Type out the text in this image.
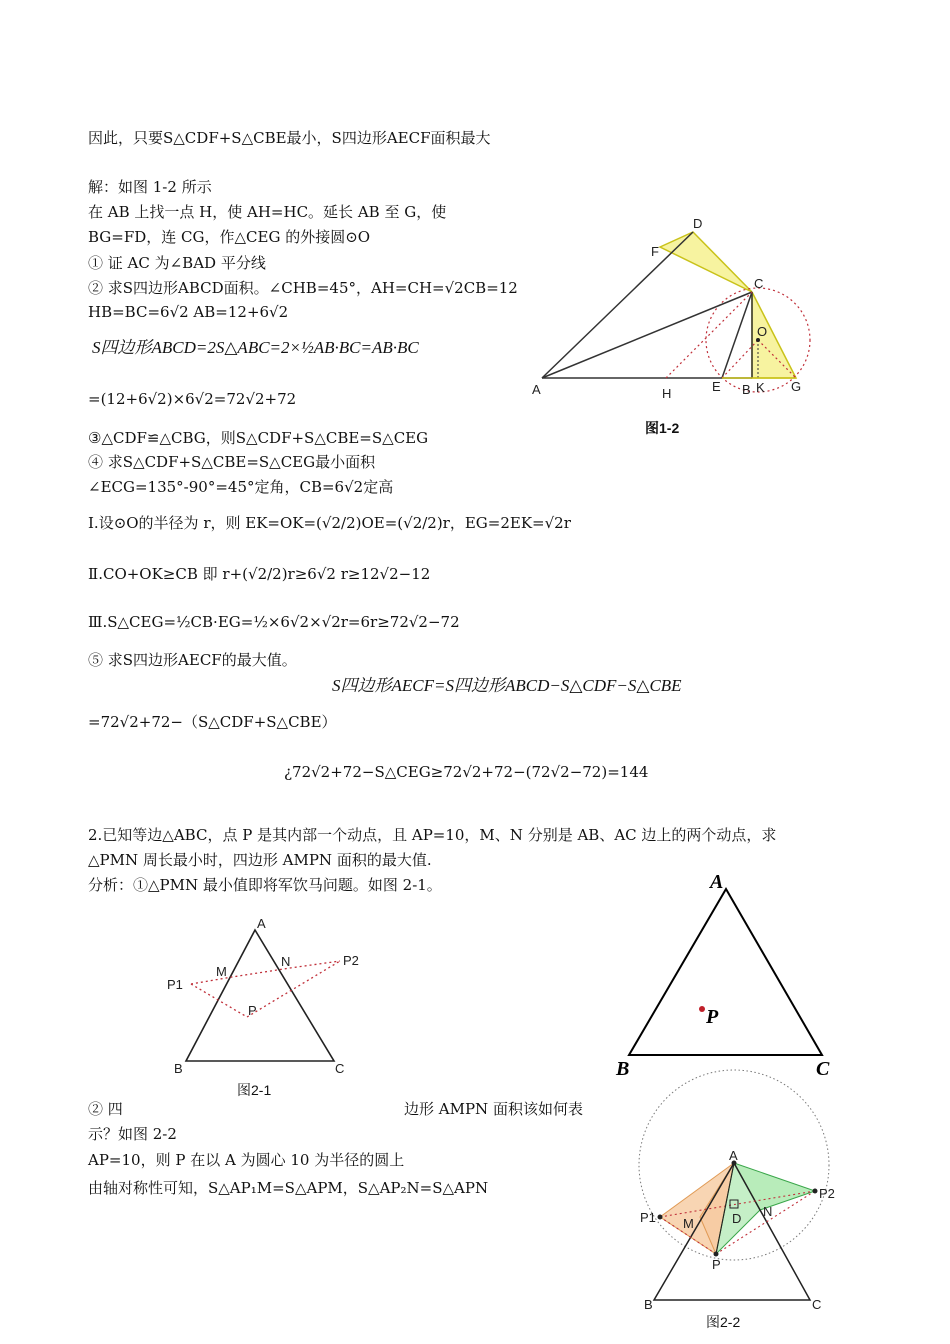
因此，只要S△CDF+S△CBE最小，S四边形AECF面积最大
解：如图 1-2 所示
在 AB 上找一点 H，使 AH=HC。延长 AB 至 G，使
BG=FD，连 CG，作△CEG 的外接圆⊙O
① 证 AC 为∠BAD 平分线
② 求S四边形ABCD面积。∠CHB=45°，AH=CH=√2CB=12
HB=BC=6√2 AB=12+6√2
S四边形ABCD=2S△ABC=2×½AB·BC=AB·BC
=(12+6√2)×6√2=72√2+72
③△CDF≌△CBG，则S△CDF+S△CBE=S△CEG
④ 求S△CDF+S△CBE=S△CEG最小面积
∠ECG=135°-90°=45°定角，CB=6√2定高
Ⅰ.设⊙O的半径为 r，则 EK=OK=(√2/2)OE=(√2/2)r，EG=2EK=√2r
Ⅱ.CO+OK≥CB 即 r+(√2/2)r≥6√2 r≥12√2−12
Ⅲ.S△CEG=½CB·EG=½×6√2×√2r=6r≥72√2−72
⑤ 求S四边形AECF的最大值。
S四边形AECF=S四边形ABCD−S△CDF−S△CBE
=72√2+72−（S△CDF+S△CBE）
¿72√2+72−S△CEG≥72√2+72−(72√2−72)=144
2.已知等边△ABC，点 P 是其内部一个动点，且 AP=10，M、N 分别是 AB、AC 边上的两个动点，求
△PMN 周长最小时，四边形 AMPN 面积的最大值.
分析：①△PMN 最小值即将军饮马问题。如图 2-1。
② 四	边形 AMPN 面积该如何表
示？如图 2-2
AP=10，则 P 在以 A 为圆心 10 为半径的圆上
由轴对称性可知，S△AP₁M=S△APM，S△AP₂N=S△APN
A	H	E B K G
C
O
F
D
图1-2
A
B	C
M
N
P
P1
P2
图2-1
A
B	C
P
A
B	C
P
M
N
D
P1
P2
图2-2
